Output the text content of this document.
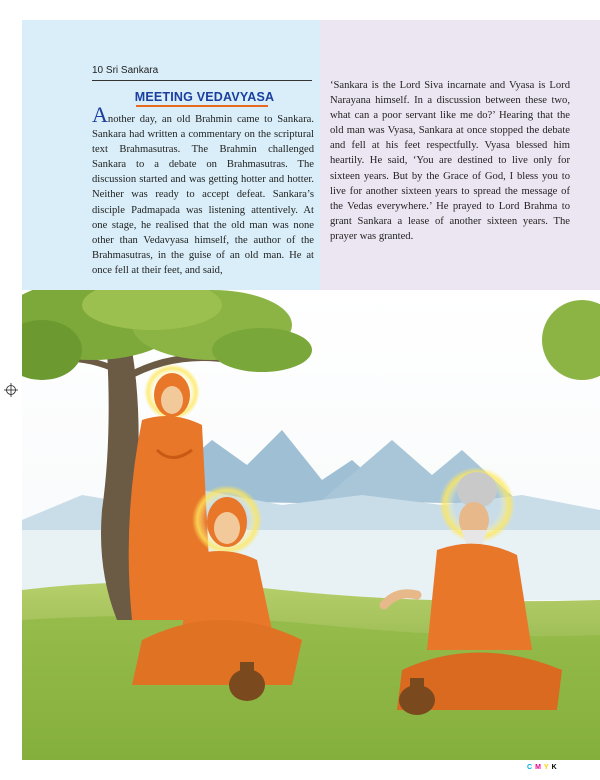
10 Sri Sankara
MEETING VEDAVYASA
Another day, an old Brahmin came to Sankara. Sankara had written a commentary on the scriptural text Brahmasutras. The Brahmin challenged Sankara to a debate on Brahmasutras. The discussion started and was getting hotter and hotter. Neither was ready to accept defeat. Sankara’s disciple Padmapada was listening attentively. At one stage, he realised that the old man was none other than Vedavyasa himself, the author of the Brahmasutras, in the guise of an old man. He at once fell at their feet, and said,
‘Sankara is the Lord Siva incarnate and Vyasa is Lord Narayana himself. In a discussion between these two, what can a poor servant like me do?’ Hearing that the old man was Vyasa, Sankara at once stopped the debate and fell at his feet respectfully. Vyasa blessed him heartily. He said, ‘You are destined to live only for sixteen years. But by the Grace of God, I bless you to live for another sixteen years to spread the message of the Vedas everywhere.’ He prayed to Lord Brahma to grant Sankara a lease of another sixteen years. The prayer was granted.
CMYK
